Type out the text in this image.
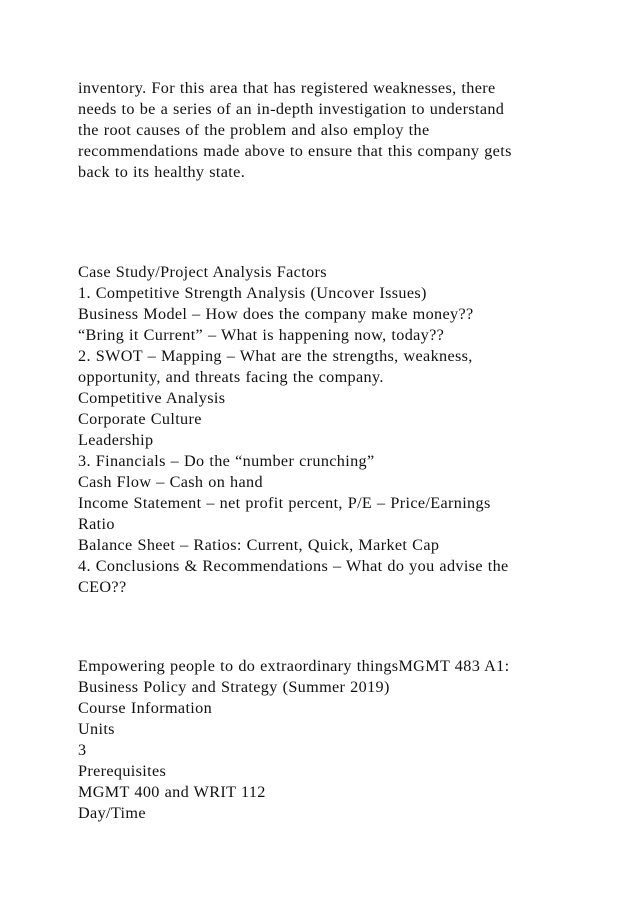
inventory. For this area that has registered weaknesses, there
needs to be a series of an in-depth investigation to understand
the root causes of the problem and also employ the
recommendations made above to ensure that this company gets
back to its healthy state.
Case Study/Project Analysis Factors
1. Competitive Strength Analysis (Uncover Issues)
Business Model – How does the company make money??
“Bring it Current” – What is happening now, today??
2. SWOT – Mapping – What are the strengths, weakness,
opportunity, and threats facing the company.
Competitive Analysis
Corporate Culture
Leadership
3. Financials – Do the “number crunching”
Cash Flow – Cash on hand
Income Statement – net profit percent, P/E – Price/Earnings
Ratio
Balance Sheet – Ratios: Current, Quick, Market Cap
4. Conclusions & Recommendations – What do you advise the
CEO??
Empowering people to do extraordinary thingsMGMT 483 A1:
Business Policy and Strategy (Summer 2019)
Course Information
Units
3
Prerequisites
MGMT 400 and WRIT 112
Day/Time
